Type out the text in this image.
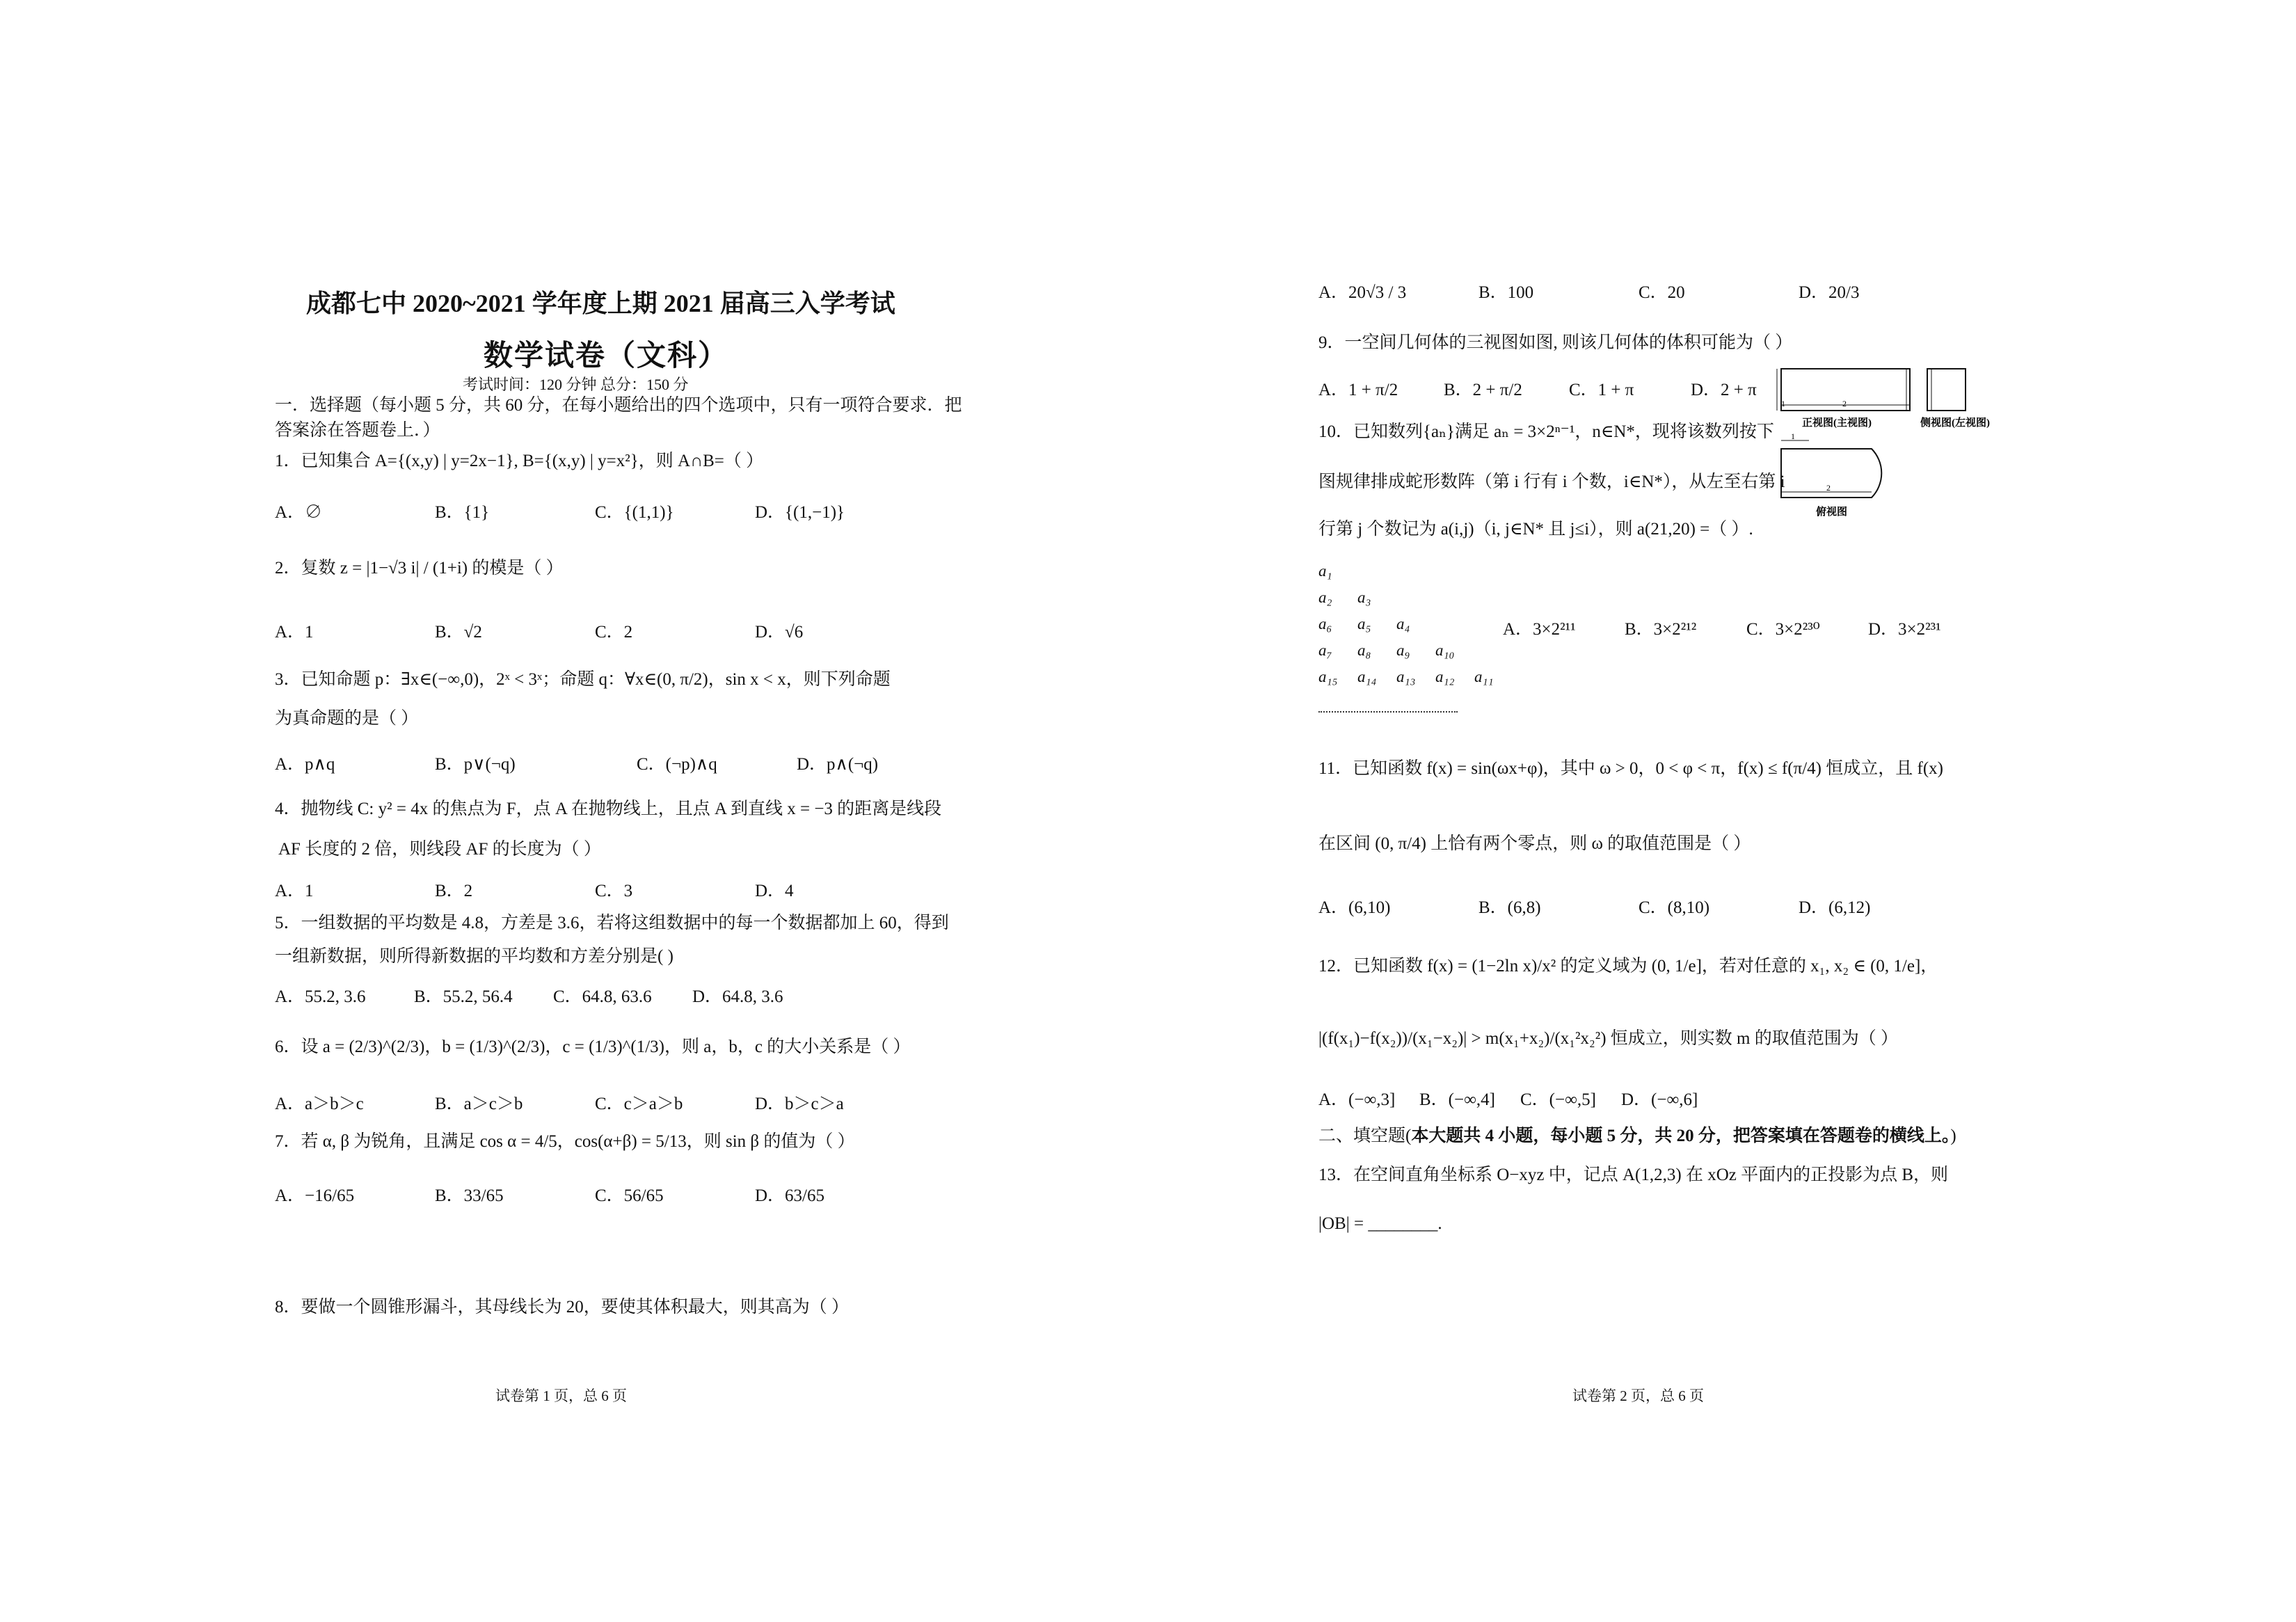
成都七中 2020~2021 学年度上期 2021 届高三入学考试
数学试卷（文科）
考试时间：120 分钟 总分：150 分
一．选择题（每小题 5 分，共 60 分，在每小题给出的四个选项中，只有一项符合要求．把
答案涂在答题卷上．）
1．已知集合 A={(x,y) | y=2x−1}, B={(x,y) | y=x²}，则 A∩B=（ ）
A．∅	B．{1}	C．{(1,1)}	D．{(1,−1)}
2．复数 z = |1−√3 i| / (1+i) 的模是（ ）
A．1	B．√2	C．2	D．√6
3．已知命题 p：∃x∈(−∞,0)，2ˣ < 3ˣ；命题 q：∀x∈(0, π/2)，sin x < x，则下列命题
为真命题的是（ ）
A．p∧q	B．p∨(¬q)	C．(¬p)∧q	D．p∧(¬q)
4．抛物线 C: y² = 4x 的焦点为 F，点 A 在抛物线上，且点 A 到直线 x = −3 的距离是线段
AF 长度的 2 倍，则线段 AF 的长度为（ ）
A．1	B．2	C．3	D．4
5．一组数据的平均数是 4.8，方差是 3.6，若将这组数据中的每一个数据都加上 60，得到
一组新数据，则所得新数据的平均数和方差分别是( )
A．55.2, 3.6	B．55.2, 56.4	C．64.8, 63.6	D．64.8, 3.6
6．设 a = (2/3)^(2/3)，b = (1/3)^(2/3)，c = (1/3)^(1/3)，则 a，b，c 的大小关系是（ ）
A．a＞b＞c	B．a＞c＞b	C．c＞a＞b	D．b＞c＞a
7．若 α, β 为锐角，且满足 cos α = 4/5，cos(α+β) = 5/13，则 sin β 的值为（ ）
A．−16/65	B．33/65	C．56/65	D．63/65
8．要做一个圆锥形漏斗，其母线长为 20，要使其体积最大，则其高为（ ）
试卷第 1 页，总 6 页
A．20√3 / 3	B．100	C．20	D．20/3
9．一空间几何体的三视图如图, 则该几何体的体积可能为（ ）
A．1 + π/2	B．2 + π/2	C．1 + π	D．2 + π
1	2
正视图(主视图)	侧视图(左视图)
1
2
俯视图
10．已知数列{aₙ}满足 aₙ = 3×2ⁿ⁻¹，n∈N*，现将该数列按下
图规律排成蛇形数阵（第 i 行有 i 个数，i∈N*），从左至右第 i
行第 j 个数记为 a(i,j)（i, j∈N* 且 j≤i），则 a(21,20) =（ ）.
a₁
a₂ a₃
a₆ a₅ a₄
a₇ a₈ a₉ a₁₀
a₁₅ a₁₄ a₁₃ a₁₂ a₁₁
A．3×2²¹¹	B．3×2²¹²	C．3×2²³⁰	D．3×2²³¹
11．已知函数 f(x) = sin(ωx+φ)，其中 ω > 0，0 < φ < π，f(x) ≤ f(π/4) 恒成立，且 f(x)
在区间 (0, π/4) 上恰有两个零点，则 ω 的取值范围是（ ）
A．(6,10)	B．(6,8)	C．(8,10)	D．(6,12)
12．已知函数 f(x) = (1−2ln x)/x² 的定义域为 (0, 1/e]，若对任意的 x₁, x₂ ∈ (0, 1/e]，
|(f(x₁)−f(x₂))/(x₁−x₂)| > m(x₁+x₂)/(x₁²x₂²) 恒成立，则实数 m 的取值范围为（ ）
A．(−∞,3]	B．(−∞,4]	C．(−∞,5]	D．(−∞,6]
二、填空题(本大题共 4 小题，每小题 5 分，共 20 分，把答案填在答题卷的横线上。)
13．在空间直角坐标系 O−xyz 中，记点 A(1,2,3) 在 xOz 平面内的正投影为点 B，则
|OB| = ________.
试卷第 2 页，总 6 页
